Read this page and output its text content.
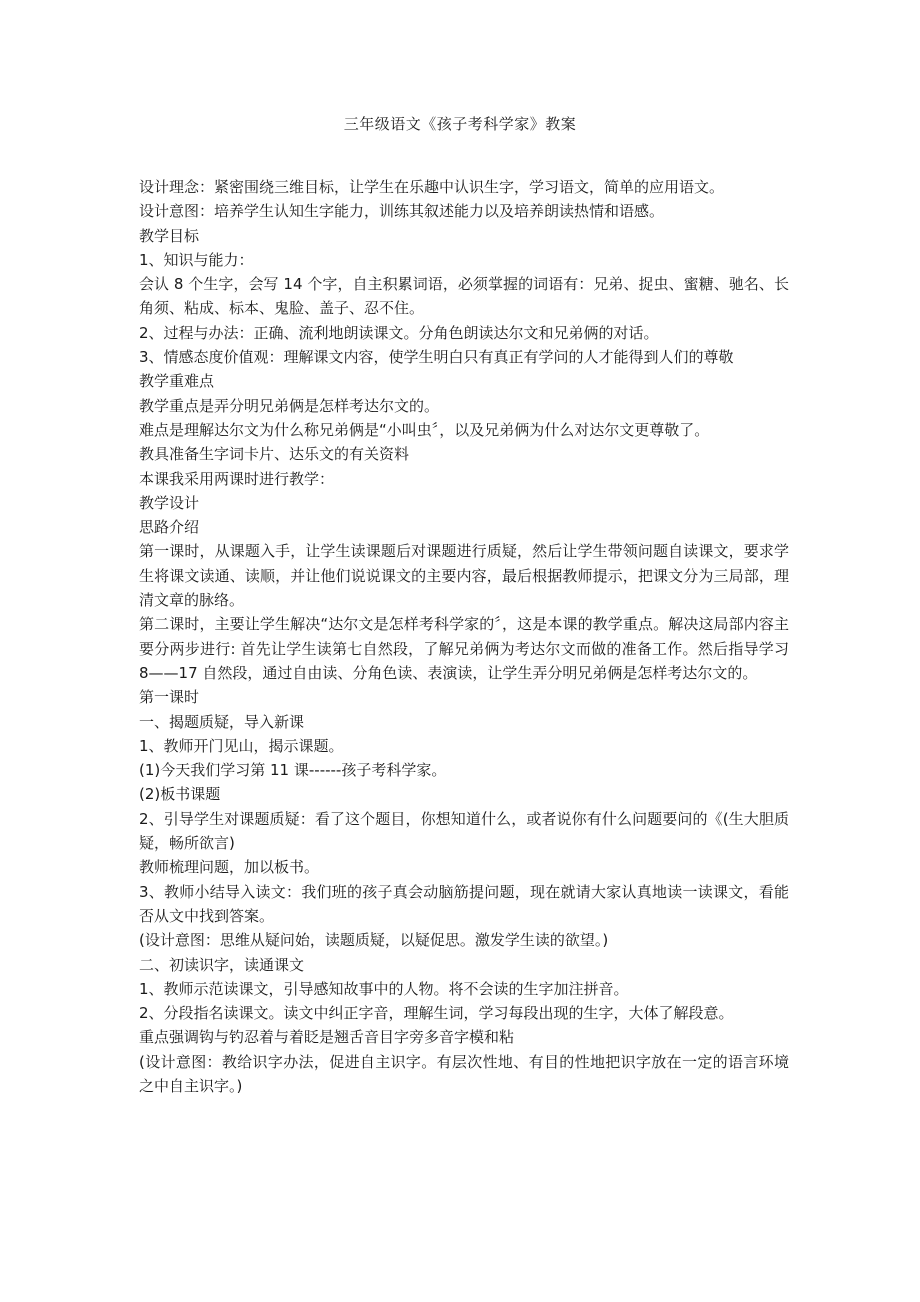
三年级语文《孩子考科学家》教案

设计理念：紧密围绕三维目标，让学生在乐趣中认识生字，学习语文，简单的应用语文。

设计意图：培养学生认知生字能力，训练其叙述能力以及培养朗读热情和语感。

教学目标

1、知识与能力：

会认 8 个生字，会写 14 个字，自主积累词语，必须掌握的词语有：兄弟、捉虫、蜜糖、驰名、长角须、粘成、标本、鬼脸、盖子、忍不住。

2、过程与办法：正确、流利地朗读课文。分角色朗读达尔文和兄弟俩的对话。

3、情感态度价值观：理解课文内容，使学生明白只有真正有学问的人才能得到人们的尊敬

教学重难点

教学重点是弄分明兄弟俩是怎样考达尔文的。

难点是理解达尔文为什么称兄弟俩是“小叫虫〞，以及兄弟俩为什么对达尔文更尊敬了。

教具准备生字词卡片、达乐文的有关资料

本课我采用两课时进行教学：

教学设计

思路介绍

第一课时，从课题入手，让学生读课题后对课题进行质疑，然后让学生带领问题自读课文，要求学生将课文读通、读顺，并让他们说说课文的主要内容，最后根据教师提示，把课文分为三局部，理清文章的脉络。

第二课时，主要让学生解决“达尔文是怎样考科学家的〞，这是本课的教学重点。解决这局部内容主要分两步进行: 首先让学生读第七自然段，了解兄弟俩为考达尔文而做的准备工作。然后指导学习 8——17 自然段，通过自由读、分角色读、表演读，让学生弄分明兄弟俩是怎样考达尔文的。

第一课时

一、揭题质疑，导入新课

1、教师开门见山，揭示课题。

(1)今天我们学习第 11 课------孩子考科学家。

(2)板书课题

2、引导学生对课题质疑：看了这个题目，你想知道什么，或者说你有什么问题要问的《(生大胆质疑，畅所欲言)

教师梳理问题，加以板书。

3、教师小结导入读文：我们班的孩子真会动脑筋提问题，现在就请大家认真地读一读课文，看能否从文中找到答案。

(设计意图：思维从疑问始，读题质疑，以疑促思。激发学生读的欲望。)

二、初读识字，读通课文

1、教师示范读课文，引导感知故事中的人物。将不会读的生字加注拼音。

2、分段指名读课文。读文中纠正字音，理解生词，学习每段出现的生字，大体了解段意。

重点强调钩与钓忍着与着眨是翘舌音目字旁多音字模和粘

(设计意图：教给识字办法，促进自主识字。有层次性地、有目的性地把识字放在一定的语言环境之中自主识字。)
